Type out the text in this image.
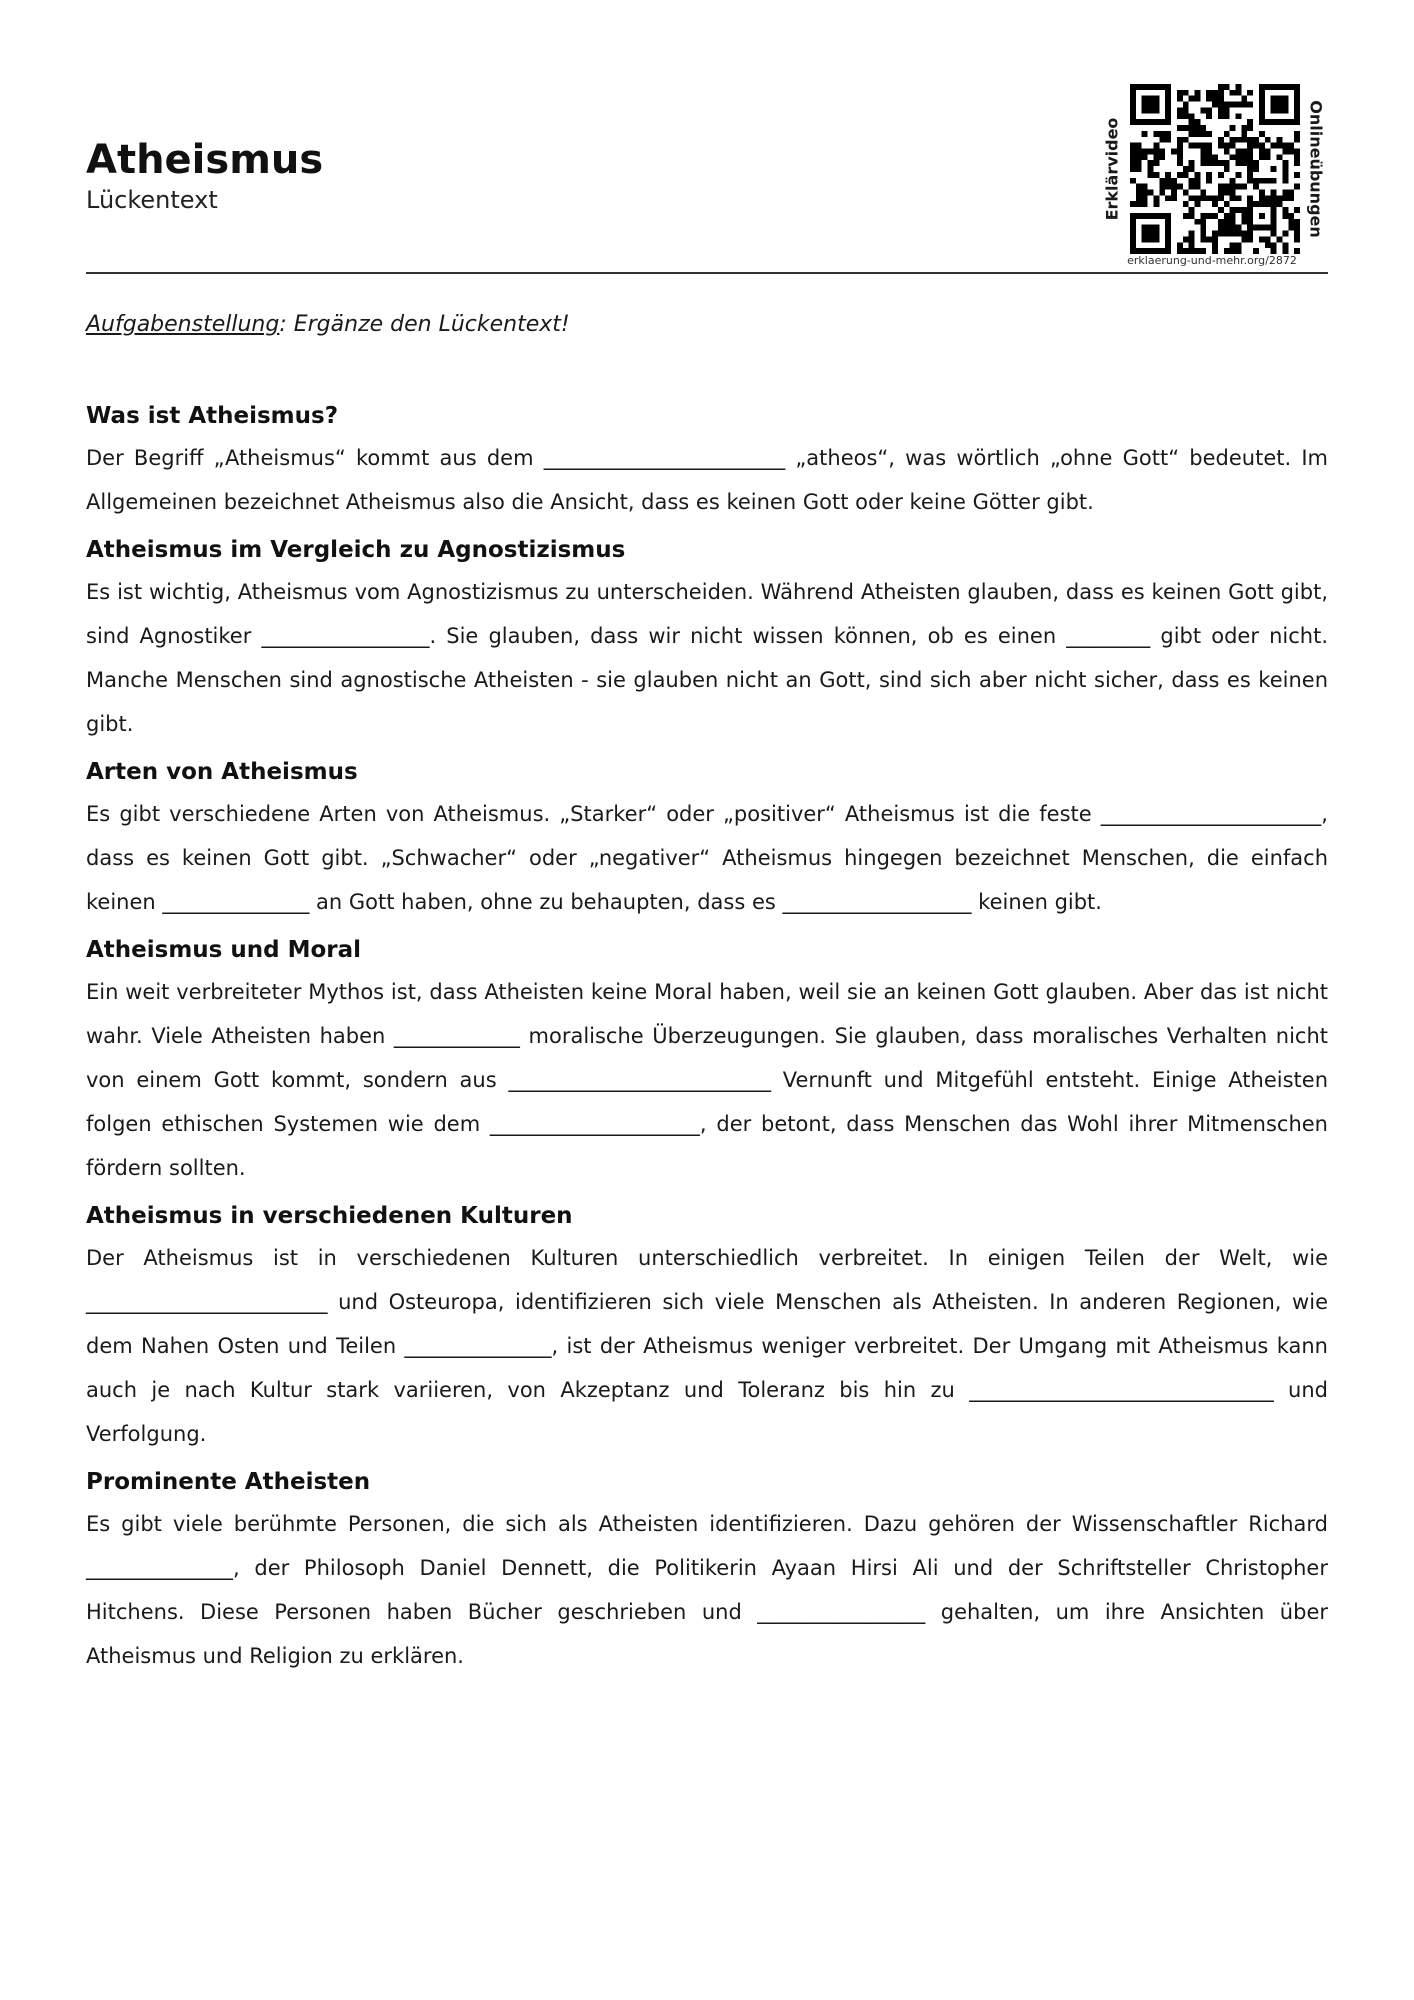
Atheismus

Lückentext	Erklärvideo	Onlineübungen
erklaerung-und-mehr.org/2872
Aufgabenstellung: Ergänze den Lückentext!
Was ist Atheismus?

Der Begriff „Atheismus“ kommt aus dem _______________________ „atheos“, was wörtlich „ohne Gott“ bedeutet. Im Allgemeinen bezeichnet Atheismus also die Ansicht, dass es keinen Gott oder keine Götter gibt.

Atheismus im Vergleich zu Agnostizismus

Es ist wichtig, Atheismus vom Agnostizismus zu unterscheiden. Während Atheisten glauben, dass es keinen Gott gibt, sind Agnostiker ________________. Sie glauben, dass wir nicht wissen können, ob es einen ________ gibt oder nicht. Manche Menschen sind agnostische Atheisten - sie glauben nicht an Gott, sind sich aber nicht sicher, dass es keinen gibt.

Arten von Atheismus

Es gibt verschiedene Arten von Atheismus. „Starker“ oder „positiver“ Atheismus ist die feste _____________________, dass es keinen Gott gibt. „Schwacher“ oder „negativer“ Atheismus hingegen bezeichnet Menschen, die einfach keinen ______________ an Gott haben, ohne zu behaupten, dass es __________________ keinen gibt.

Atheismus und Moral

Ein weit verbreiteter Mythos ist, dass Atheisten keine Moral haben, weil sie an keinen Gott glauben. Aber das ist nicht wahr. Viele Atheisten haben ____________ moralische Überzeugungen. Sie glauben, dass moralisches Verhalten nicht von einem Gott kommt, sondern aus _________________________ Vernunft und Mitgefühl entsteht. Einige Atheisten folgen ethischen Systemen wie dem ____________________, der betont, dass Menschen das Wohl ihrer Mitmenschen fördern sollten.

Atheismus in verschiedenen Kulturen

Der Atheismus ist in verschiedenen Kulturen unterschiedlich verbreitet. In einigen Teilen der Welt, wie _______________________ und Osteuropa, identifizieren sich viele Menschen als Atheisten. In anderen Regionen, wie dem Nahen Osten und Teilen ______________, ist der Atheismus weniger verbreitet. Der Umgang mit Atheismus kann auch je nach Kultur stark variieren, von Akzeptanz und Toleranz bis hin zu _____________________________ und Verfolgung.

Prominente Atheisten

Es gibt viele berühmte Personen, die sich als Atheisten identifizieren. Dazu gehören der Wissenschaftler Richard ______________, der Philosoph Daniel Dennett, die Politikerin Ayaan Hirsi Ali und der Schriftsteller Christopher Hitchens. Diese Personen haben Bücher geschrieben und ________________ gehalten, um ihre Ansichten über Atheismus und Religion zu erklären.
